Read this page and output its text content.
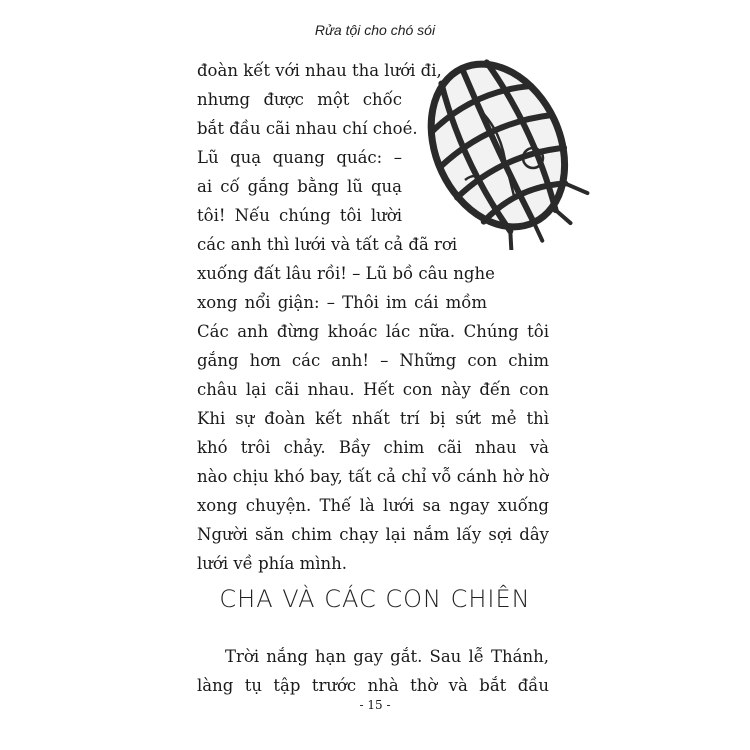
Rửa tội cho chó sói
đoàn kết với nhau tha lưới đi,
nhưng được một chốc
bắt đầu cãi nhau chí choé.
Lũ quạ quang quác: –
ai cố gắng bằng lũ quạ
tôi! Nếu chúng tôi lười
các anh thì lưới và tất cả đã rơi
xuống đất lâu rồi! – Lũ bồ câu nghe
xong nổi giận: – Thôi im cái mồm
Các anh đừng khoác lác nữa. Chúng tôi
gắng hơn các anh! – Những con chim
châu lại cãi nhau. Hết con này đến con
Khi sự đoàn kết nhất trí bị sứt mẻ thì
khó trôi chảy. Bầy chim cãi nhau và
nào chịu khó bay, tất cả chỉ vỗ cánh hờ hờ
xong chuyện. Thế là lưới sa ngay xuống
Người săn chim chạy lại nắm lấy sợi dây
lưới về phía mình.
CHA VÀ CÁC CON CHIÊN
Trời nắng hạn gay gắt. Sau lễ Thánh,
làng tụ tập trước nhà thờ và bắt đầu
- 15 -
